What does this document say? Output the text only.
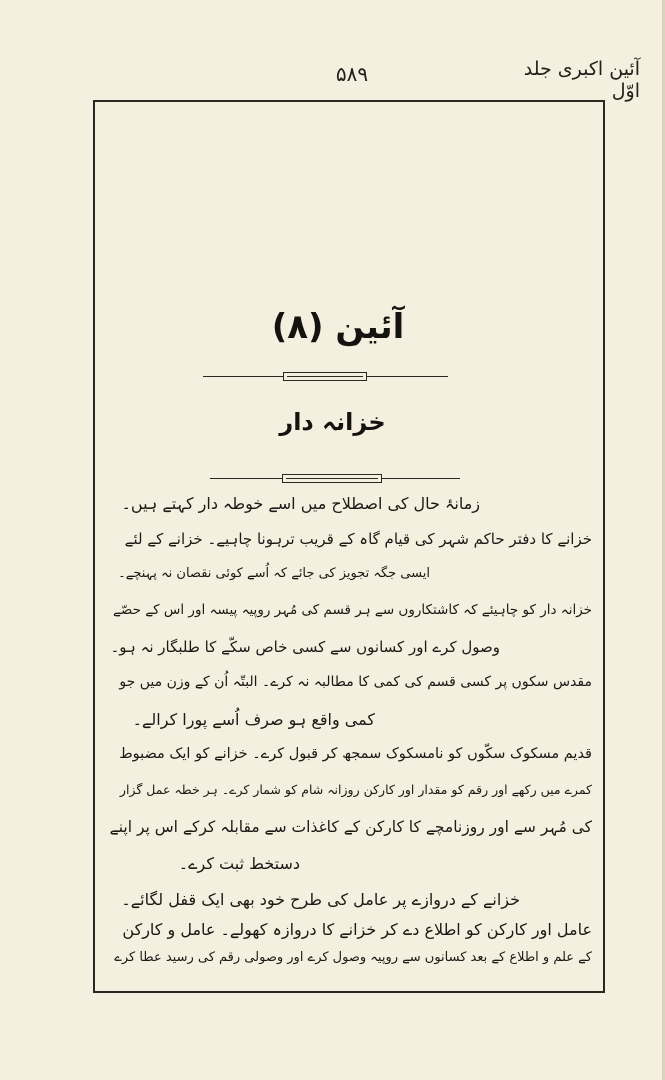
آئین اکبری جلد اوّل
۵۸۹
آئین (۸)
خزانہ دار
زمانۂ حال کی اصطلاح میں اسے خوطہ دار کہتے ہیں۔
خزانے کا دفتر حاکم شہر کی قیام گاہ کے قریب ترہونا چاہیے۔ خزانے کے لئے
ایسی جگہ تجویز کی جائے کہ اُسے کوئی نقصان نہ پہنچے۔
خزانہ دار کو چاہیئے کہ کاشتکاروں سے ہر قسم کی مُہر روپیہ پیسہ اور اس کے حصّے
وصول کرے اور کسانوں سے کسی خاص سکّے کا طلبگار نہ ہو۔
مقدس سکوں پر کسی قسم کی کمی کا مطالبہ نہ کرے۔ البتّہ اُن کے وزن میں جو
کمی واقع ہو صرف اُسے پورا کرالے۔
قدیم مسکوک سکّوں کو نامسکوک سمجھ کر قبول کرے۔ خزانے کو ایک مضبوط
کمرے میں رکھے اور رقم کو مقدار اور کارکن روزانہ شام کو شمار کرے۔ ہر خطہ عمل گزار
کی مُہر سے اور روزنامچے کا کارکن کے کاغذات سے مقابلہ کرکے اس پر اپنے
دستخط ثبت کرے۔
خزانے کے دروازے پر عامل کی طرح خود بھی ایک قفل لگائے۔
عامل اور کارکن کو اطلاع دے کر خزانے کا دروازہ کھولے۔ عامل و کارکن
کے علم و اطلاع کے بعد کسانوں سے روپیہ وصول کرے اور وصولی رقم کی رسید عطا کرے
